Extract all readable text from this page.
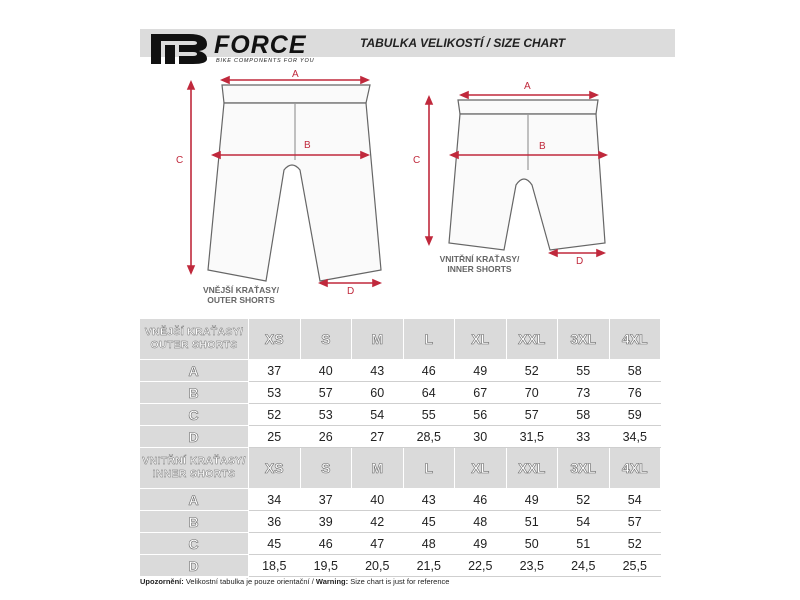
FORCE
BIKE COMPONENTS FOR YOU
TABULKA VELIKOSTÍ / SIZE CHART
A
B
C
D
A
B
C
D
VNĚJŠÍ KRAŤASY/
OUTER SHORTS
VNITŘNÍ KRAŤASY/
INNER SHORTS
VNĚJŠÍ KRAŤASY/
OUTER SHORTS	XS	S	M	L	XL	XXL	3XL	4XL
A	37	40	43	46	49	52	55	58
B	53	57	60	64	67	70	73	76
C	52	53	54	55	56	57	58	59
D	25	26	27	28,5	30	31,5	33	34,5

VNITŘNÍ KRAŤASY/
INNER SHORTS	XS	S	M	L	XL	XXL	3XL	4XL
A	34	37	40	43	46	49	52	54
B	36	39	42	45	48	51	54	57
C	45	46	47	48	49	50	51	52
D	18,5	19,5	20,5	21,5	22,5	23,5	24,5	25,5
Upozornění: Velikostní tabulka je pouze orientační / Warning: Size chart is just for reference
